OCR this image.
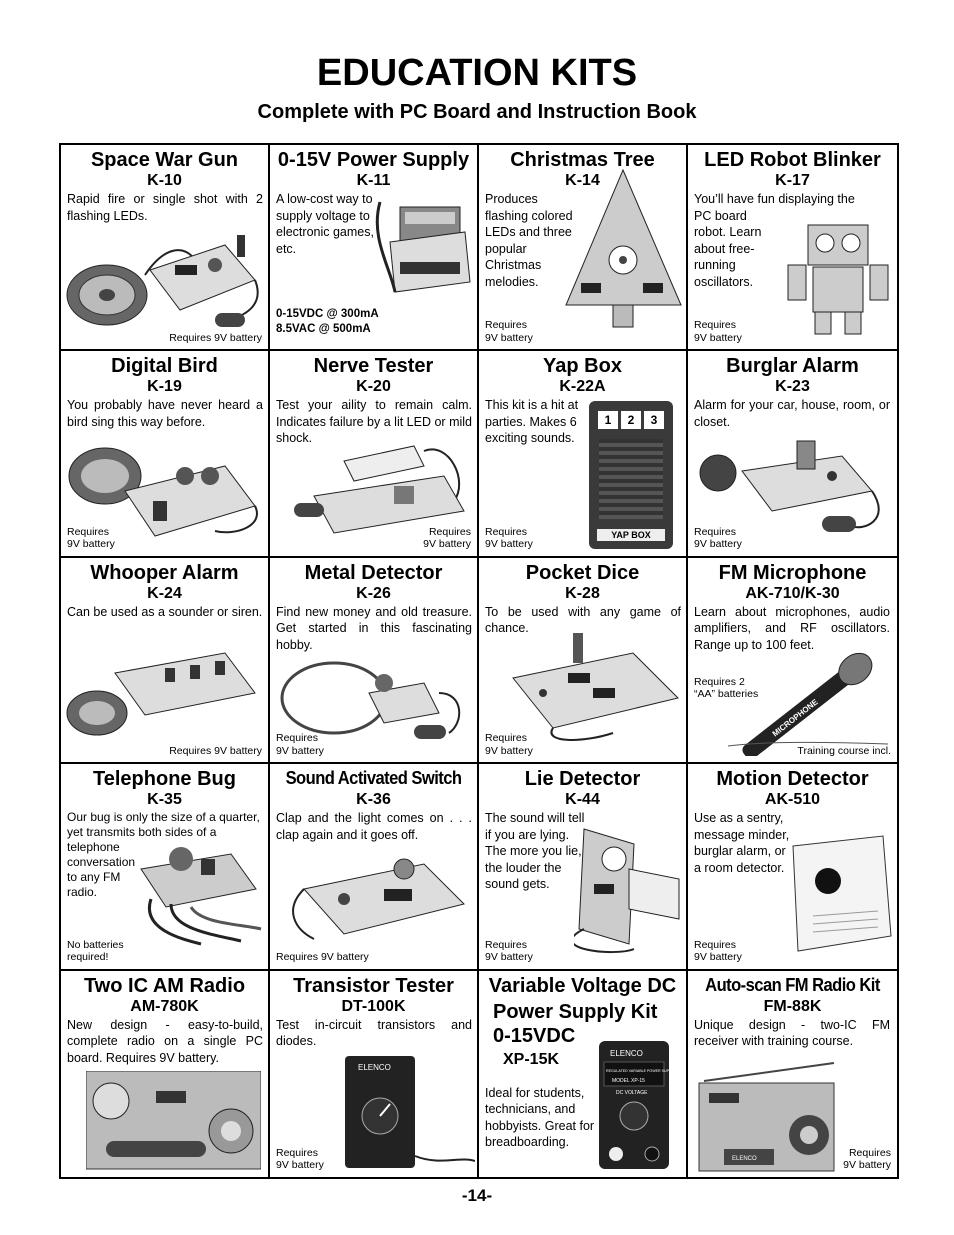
EDUCATION KITS
Complete with PC Board and Instruction Book
Space War Gun
K-10
Rapid fire or single shot with 2 flashing LEDs.
Requires 9V battery
0-15V Power Supply
K-11
A low-cost way to supply voltage to electronic games, etc.
0-15VDC @ 300mA
8.5VAC @ 500mA
Christmas Tree
K-14
Produces flashing colored LEDs and three popular Christmas melodies.
Requires
9V battery
LED Robot Blinker
K-17
You’ll have fun displaying the
PC board robot. Learn about free-running oscillators.
Requires
9V battery
Digital Bird
K-19
You probably have never heard a bird sing this way before.
Requires
9V battery
Nerve Tester
K-20
Test your aility to remain calm. Indicates failure by a lit LED or mild shock.
Requires
9V battery
Yap Box
K-22A
This kit is a hit at parties. Makes 6 exciting sounds.
1	2	3
YAP BOX
Requires
9V battery
Burglar Alarm
K-23
Alarm for your car, house, room, or closet.
Requires
9V battery
Whooper Alarm
K-24
Can be used as a sounder or siren.
Requires 9V battery
Metal Detector
K-26
Find new money and old treasure. Get started in this fascinating hobby.
Requires
9V battery
Pocket Dice
K-28
To be used with any game of chance.
Requires
9V battery
FM Microphone
AK-710/K-30
Learn about microphones, audio amplifiers, and RF oscillators. Range up to 100 feet.
Requires 2
“AA” batteries
MICROPHONE
Training course incl.
Telephone Bug
K-35
Our bug is only the size of a quarter, yet transmits both sides of a
telephone conversation to any FM radio.
No batteries
required!
Sound Activated Switch
K-36
Clap and the light comes on . . . clap again and it goes off.
Requires 9V battery
Lie Detector
K-44
The sound will tell if you are lying. The more you lie, the louder the sound gets.
Requires
9V battery
Motion Detector
AK-510
Use as a sentry, message minder, burglar alarm, or a room detector.
Requires
9V battery
Two IC AM Radio
AM-780K
New design - easy-to-build, complete radio on a single PC board. Requires 9V battery.
Transistor Tester
DT-100K
Test in-circuit transistors and diodes.
ELENCO
Requires
9V battery
Variable Voltage DC
Power Supply Kit
0-15VDC
XP-15K
Ideal for students, technicians, and hobbyists. Great for breadboarding.
ELENCO
REGULATED VARIABLE POWER SUPPLY
MODEL XP-15
DC VOLTAGE
Auto-scan FM Radio Kit
FM-88K
Unique design - two-IC FM receiver with training course.
ELENCO	Requires
9V battery
-14-
